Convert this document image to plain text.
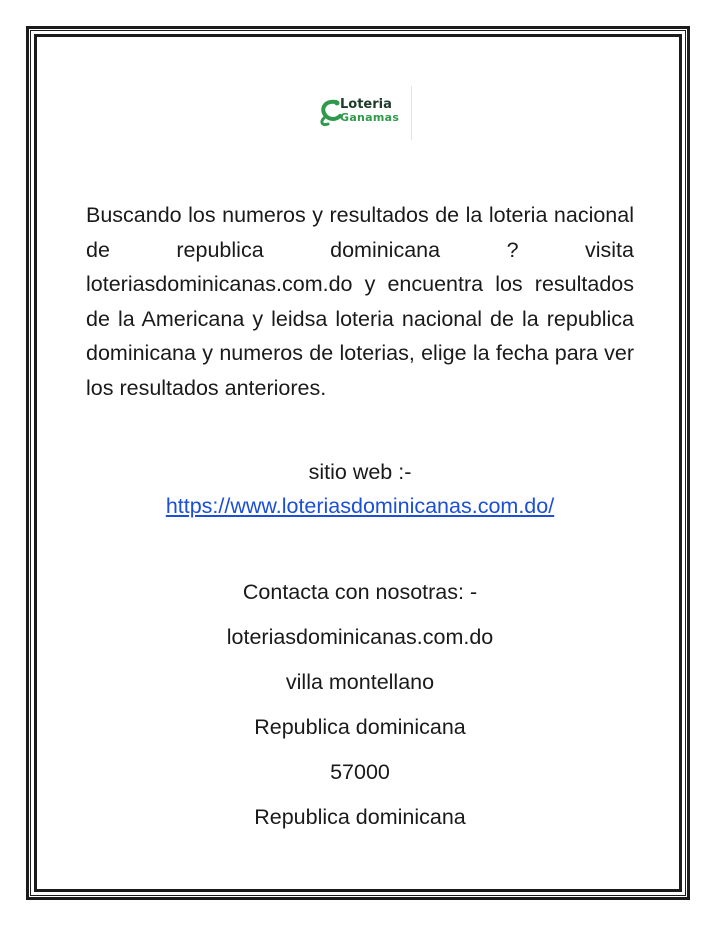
Loteria
Ganamas

Buscando los numeros y resultados de la loteria nacional de republica dominicana ? visita loteriasdominicanas.com.do y encuentra los resultados de la Americana y leidsa loteria nacional de la republica dominicana y numeros de loterias, elige la fecha para ver los resultados anteriores.

sitio web :-
https://www.loteriasdominicanas.com.do/
Contacta con nosotras: -
loteriasdominicanas.com.do
villa montellano
Republica dominicana
57000
Republica dominicana
